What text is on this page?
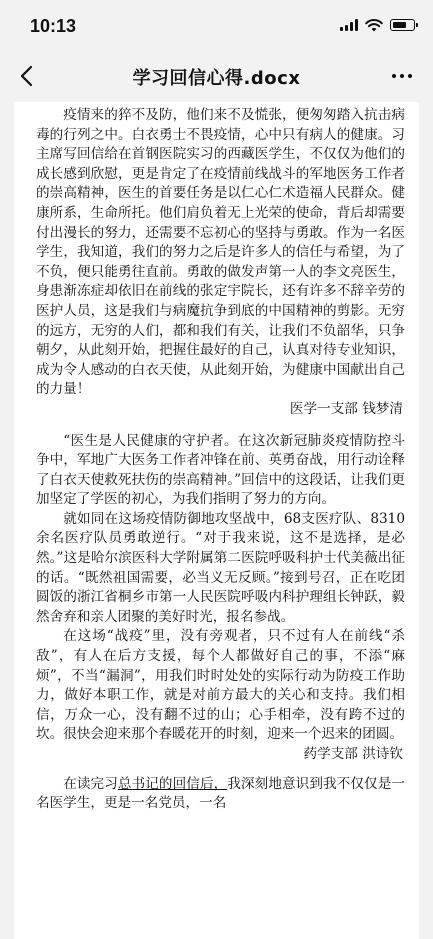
10:13
学习回信心得.docx

疫情来的猝不及防，他们来不及慌张，便匆匆踏入抗击病毒的行列之中。白衣勇士不畏疫情，心中只有病人的健康。习主席写回信给在首钢医院实习的西藏医学生，不仅仅为他们的成长感到欣慰，更是肯定了在疫情前线战斗的军地医务工作者的崇高精神，医生的首要任务是以仁心仁术造福人民群众。健康所系，生命所托。他们肩负着无上光荣的使命，背后却需要付出漫长的努力，还需要不忘初心的坚持与勇敢。作为一名医学生，我知道，我们的努力之后是许多人的信任与希望，为了不负，便只能勇往直前。勇敢的做发声第一人的李文亮医生，身患渐冻症却依旧在前线的张定宇院长，还有许多不辞辛劳的医护人员，这是我们与病魔抗争到底的中国精神的剪影。无穷的远方，无穷的人们，都和我们有关，让我们不负韶华，只争朝夕，从此刻开始，把握住最好的自己，认真对待专业知识，成为令人感动的白衣天使，从此刻开始，为健康中国献出自己的力量！

医学一支部 钱梦清

“医生是人民健康的守护者。在这次新冠肺炎疫情防控斗争中，军地广大医务工作者冲锋在前、英勇奋战，用行动诠释了白衣天使救死扶伤的崇高精神。”回信中的这段话，让我们更加坚定了学医的初心，为我们指明了努力的方向。

就如同在这场疫情防御地攻坚战中，68支医疗队、8310余名医疗队员勇敢逆行。“对于我来说，这不是选择，是必然。”这是哈尔滨医科大学附属第二医院呼吸科护士代美薇出征的话。“既然祖国需要，必当义无反顾。”接到号召，正在吃团圆饭的浙江省桐乡市第一人民医院呼吸内科护理组长钟跃，毅然舍弃和亲人团聚的美好时光，报名参战。

在这场“战疫”里，没有旁观者，只不过有人在前线“杀敌”，有人在后方支援，每个人都做好自己的事，不添“麻烦”，不当“漏洞”，用我们时时处处的实际行动为防疫工作助力，做好本职工作，就是对前方最大的关心和支持。我们相信，万众一心，没有翻不过的山；心手相牵，没有跨不过的坎。很快会迎来那个春暖花开的时刻，迎来一个迟来的团圆。

药学支部 洪诗钦

在读完习总书记的回信后，我深刻地意识到我不仅仅是一名医学生，更是一名党员，一名
